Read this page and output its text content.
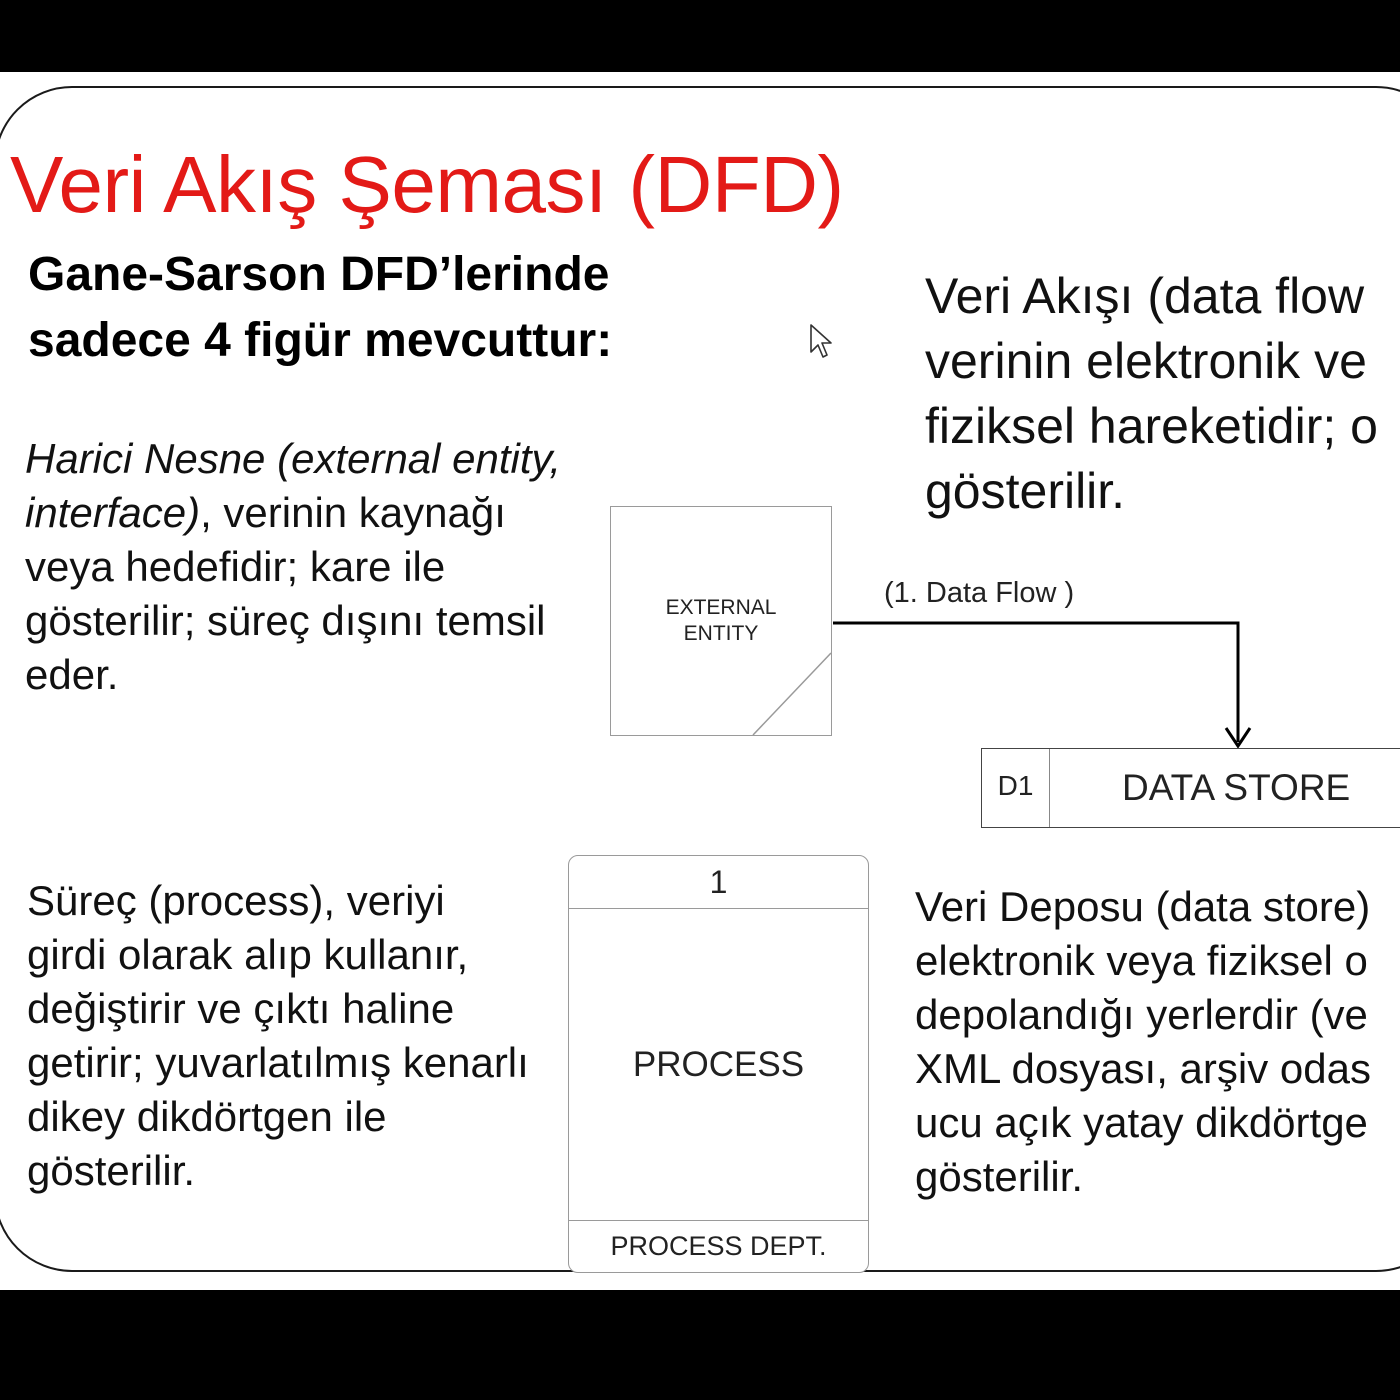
Veri Akış Şeması (DFD)
Gane-Sarson DFD’lerinde sadece 4 figür mevcuttur:
Harici Nesne (external entity, interface), verinin kaynağı veya hedefidir; kare ile gösterilir; süreç dışını temsil eder.
Veri Akışı (data flow
verinin elektronik ve
fiziksel hareketidir; o
gösterilir.
EXTERNAL
ENTITY
(1. Data Flow )
D1	DATA STORE
Süreç (process), veriyi
girdi olarak alıp kullanır,
değiştirir ve çıktı haline
getirir; yuvarlatılmış kenarlı
dikey dikdörtgen ile
gösterilir.
1
PROCESS
PROCESS DEPT.
Veri Deposu (data store)
elektronik veya fiziksel o
depolandığı yerlerdir (ve
XML dosyası, arşiv odas
ucu açık yatay dikdörtge
gösterilir.
